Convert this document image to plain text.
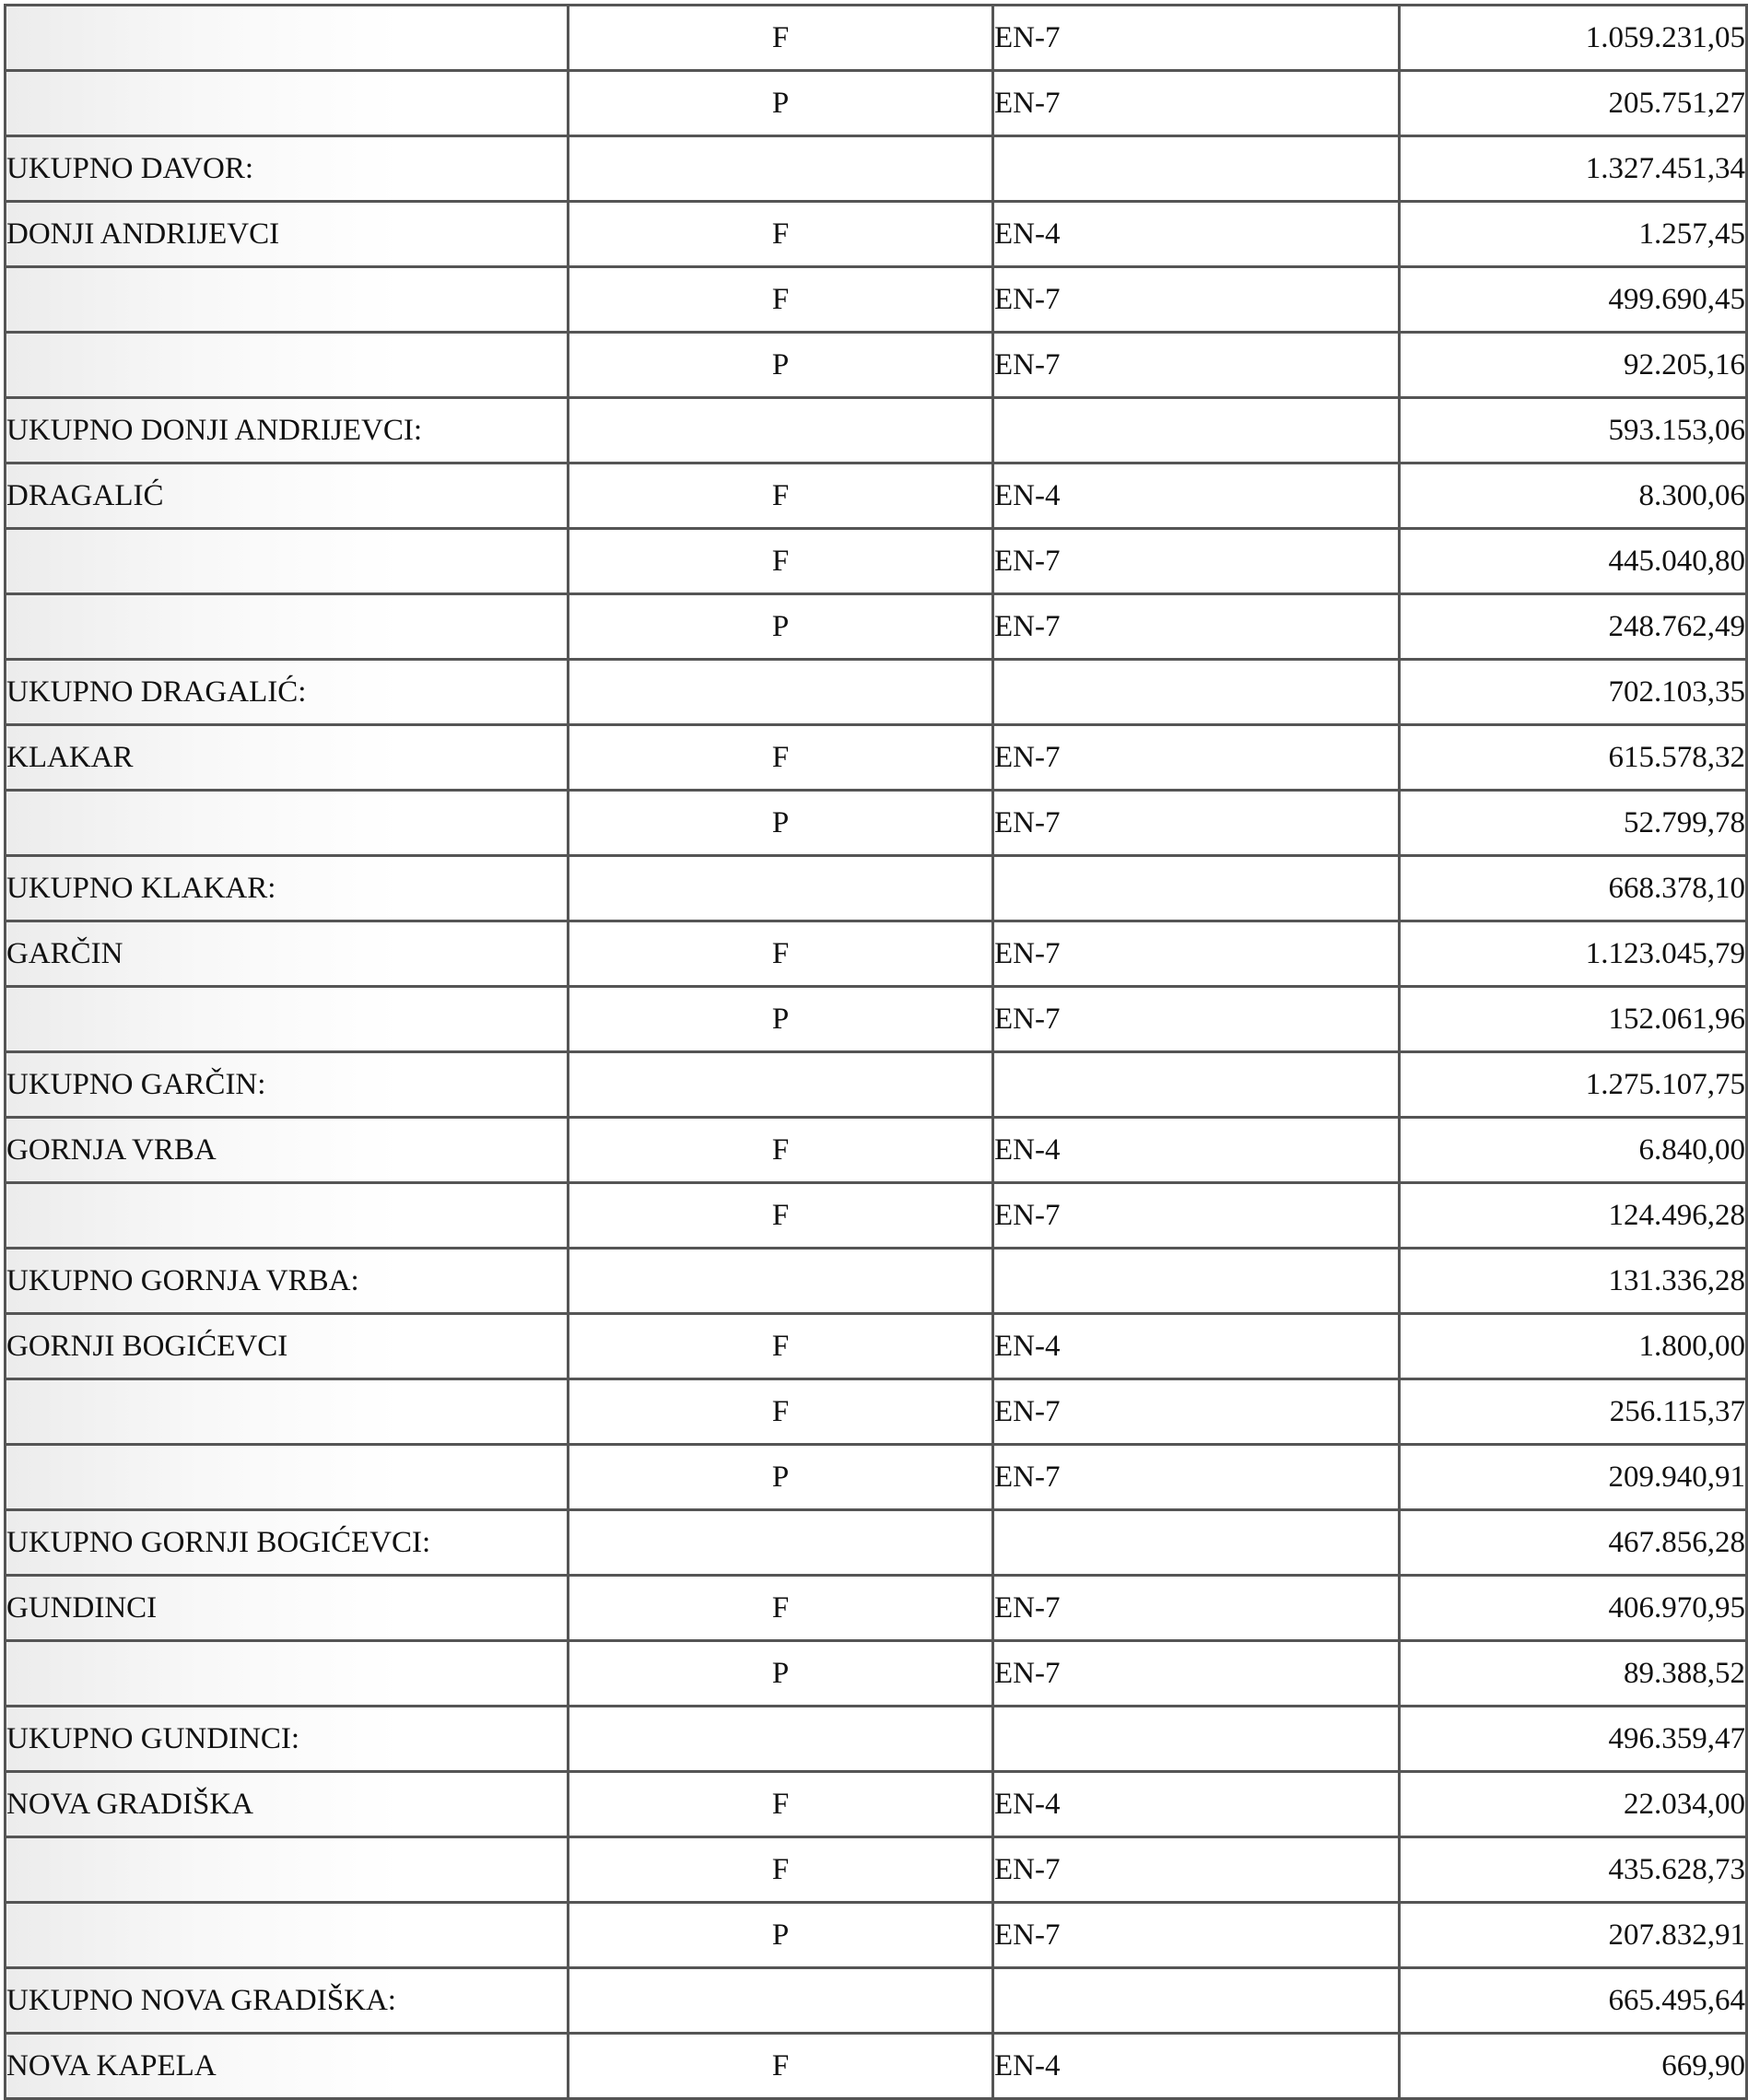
	F	EN-7	1.059.231,05
	P	EN-7	205.751,27
UKUPNO DAVOR:			1.327.451,34
DONJI ANDRIJEVCI	F	EN-4	1.257,45
	F	EN-7	499.690,45
	P	EN-7	92.205,16
UKUPNO DONJI ANDRIJEVCI:			593.153,06
DRAGALIĆ	F	EN-4	8.300,06
	F	EN-7	445.040,80
	P	EN-7	248.762,49
UKUPNO DRAGALIĆ:			702.103,35
KLAKAR	F	EN-7	615.578,32
	P	EN-7	52.799,78
UKUPNO KLAKAR:			668.378,10
GARČIN	F	EN-7	1.123.045,79
	P	EN-7	152.061,96
UKUPNO GARČIN:			1.275.107,75
GORNJA VRBA	F	EN-4	6.840,00
	F	EN-7	124.496,28
UKUPNO GORNJA VRBA:			131.336,28
GORNJI BOGIĆEVCI	F	EN-4	1.800,00
	F	EN-7	256.115,37
	P	EN-7	209.940,91
UKUPNO GORNJI BOGIĆEVCI:			467.856,28
GUNDINCI	F	EN-7	406.970,95
	P	EN-7	89.388,52
UKUPNO GUNDINCI:			496.359,47
NOVA GRADIŠKA	F	EN-4	22.034,00
	F	EN-7	435.628,73
	P	EN-7	207.832,91
UKUPNO NOVA GRADIŠKA:			665.495,64
NOVA KAPELA	F	EN-4	669,90
